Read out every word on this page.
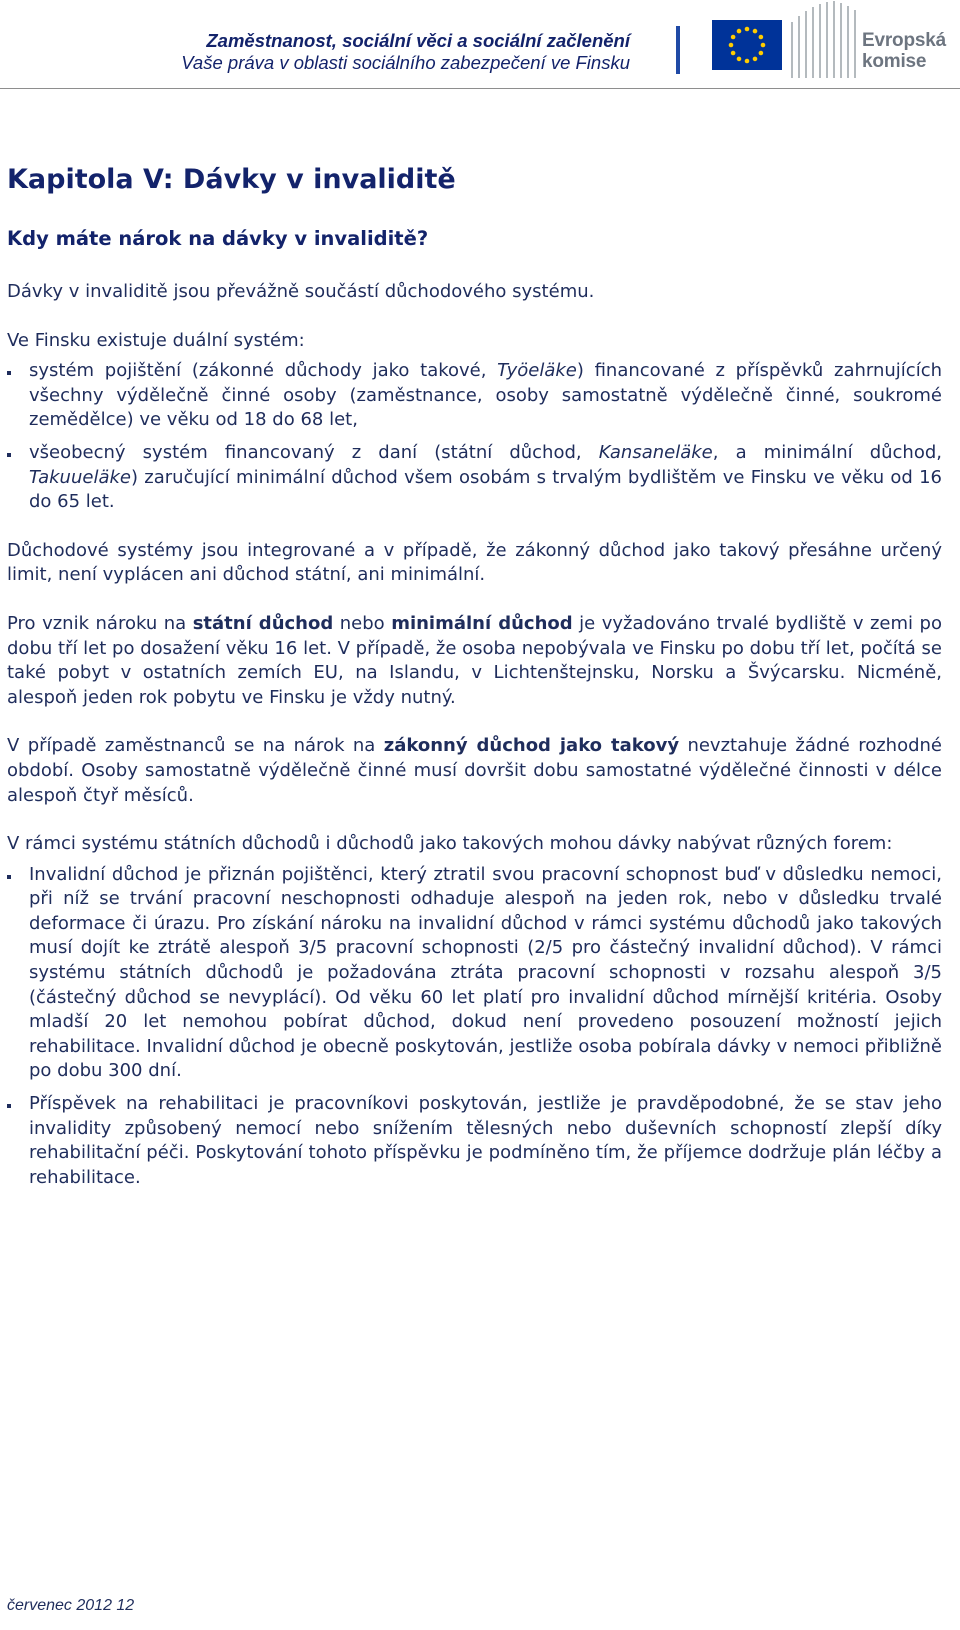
Zaměstnanost, sociální věci a sociální začlenění
Vaše práva v oblasti sociálního zabezpečení ve Finsku
Evropská
komise
Kapitola V: Dávky v invaliditě
Kdy máte nárok na dávky v invaliditě?

Dávky v invaliditě jsou převážně součástí důchodového systému.

Ve Finsku existuje duální systém:

systém pojištění (zákonné důchody jako takové, Työeläke) financované z příspěvků zahrnujících všechny výdělečně činné osoby (zaměstnance, osoby samostatně výdělečně činné, soukromé zemědělce) ve věku od 18 do 68 let,
všeobecný systém financovaný z daní (státní důchod, Kansaneläke, a minimální důchod, Takuueläke) zaručující minimální důchod všem osobám s trvalým bydlištěm ve Finsku ve věku od 16 do 65 let.

Důchodové systémy jsou integrované a v případě, že zákonný důchod jako takový přesáhne určený limit, není vyplácen ani důchod státní, ani minimální.

Pro vznik nároku na státní důchod nebo minimální důchod je vyžadováno trvalé bydliště v zemi po dobu tří let po dosažení věku 16 let. V případě, že osoba nepobývala ve Finsku po dobu tří let, počítá se také pobyt v ostatních zemích EU, na Islandu, v Lichtenštejnsku, Norsku a Švýcarsku. Nicméně, alespoň jeden rok pobytu ve Finsku je vždy nutný.

V případě zaměstnanců se na nárok na zákonný důchod jako takový nevztahuje žádné rozhodné období. Osoby samostatně výdělečně činné musí dovršit dobu samostatné výdělečné činnosti v délce alespoň čtyř měsíců.

V rámci systému státních důchodů i důchodů jako takových mohou dávky nabývat různých forem:

Invalidní důchod je přiznán pojištěnci, který ztratil svou pracovní schopnost buď v důsledku nemoci, při níž se trvání pracovní neschopnosti odhaduje alespoň na jeden rok, nebo v důsledku trvalé deformace či úrazu. Pro získání nároku na invalidní důchod v rámci systému důchodů jako takových musí dojít ke ztrátě alespoň 3/5 pracovní schopnosti (2/5 pro částečný invalidní důchod). V rámci systému státních důchodů je požadována ztráta pracovní schopnosti v rozsahu alespoň 3/5 (částečný důchod se nevyplácí). Od věku 60 let platí pro invalidní důchod mírnější kritéria. Osoby mladší 20 let nemohou pobírat důchod, dokud není provedeno posouzení možností jejich rehabilitace. Invalidní důchod je obecně poskytován, jestliže osoba pobírala dávky v nemoci přibližně po dobu 300 dní.
Příspěvek na rehabilitaci je pracovníkovi poskytován, jestliže je pravděpodobné, že se stav jeho invalidity způsobený nemocí nebo snížením tělesných nebo duševních schopností zlepší díky rehabilitační péči. Poskytování tohoto příspěvku je podmíněno tím, že příjemce dodržuje plán léčby a rehabilitace.
červenec 2012 12
